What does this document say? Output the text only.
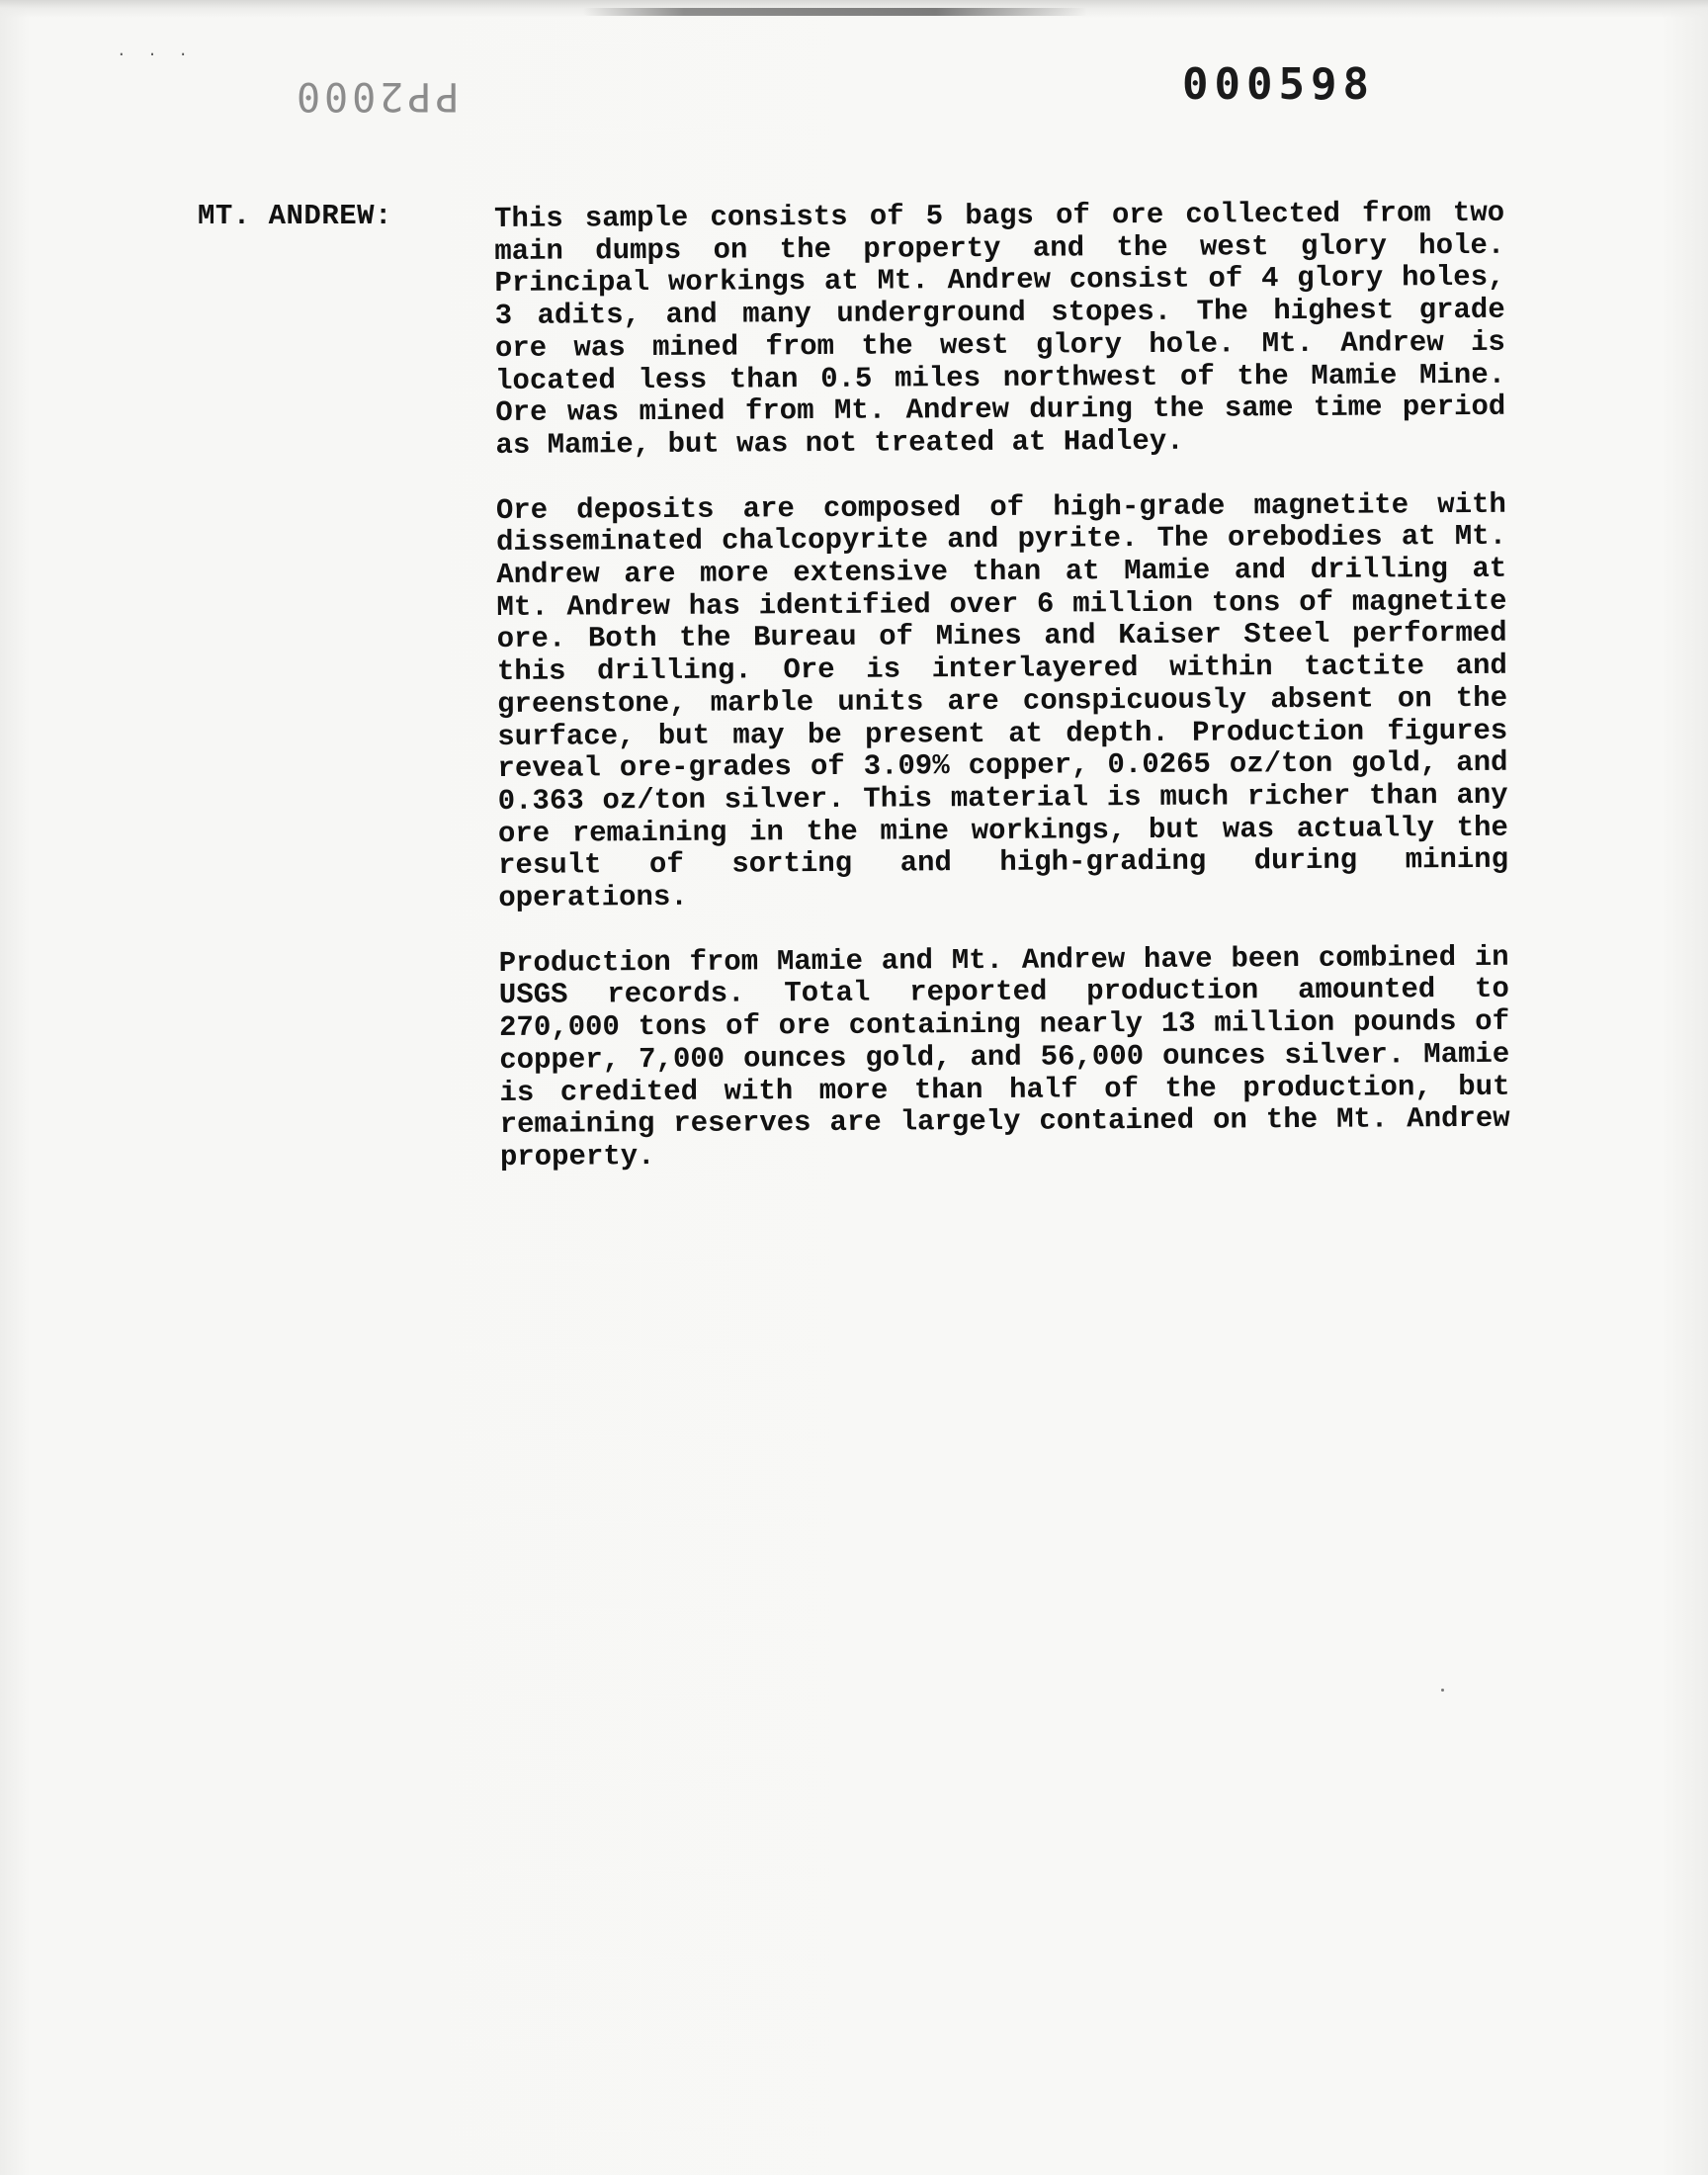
· · ·
PP2000	000598
MT. ANDREW:	This sample consists of 5 bags of ore collected from two main dumps on the property and the west glory hole. Principal workings at Mt. Andrew consist of 4 glory holes, 3 adits, and many underground stopes. The highest grade ore was mined from the west glory hole. Mt. Andrew is located less than 0.5 miles northwest of the Mamie Mine. Ore was mined from Mt. Andrew during the same time period as Mamie, but was not treated at Hadley.

Ore deposits are composed of high-grade magnetite with disseminated chalcopyrite and pyrite. The orebodies at Mt. Andrew are more extensive than at Mamie and drilling at Mt. Andrew has identified over 6 million tons of magnetite ore. Both the Bureau of Mines and Kaiser Steel performed this drilling. Ore is interlayered within tactite and greenstone, marble units are conspicuously absent on the surface, but may be present at depth. Production figures reveal ore-grades of 3.09% copper, 0.0265 oz/ton gold, and 0.363 oz/ton silver. This material is much richer than any ore remaining in the mine workings, but was actually the result of sorting and high-grading during mining operations.

Production from Mamie and Mt. Andrew have been combined in USGS records. Total reported production amounted to 270,000 tons of ore containing nearly 13 million pounds of copper, 7,000 ounces gold, and 56,000 ounces silver. Mamie is credited with more than half of the production, but remaining reserves are largely contained on the Mt. Andrew property.
